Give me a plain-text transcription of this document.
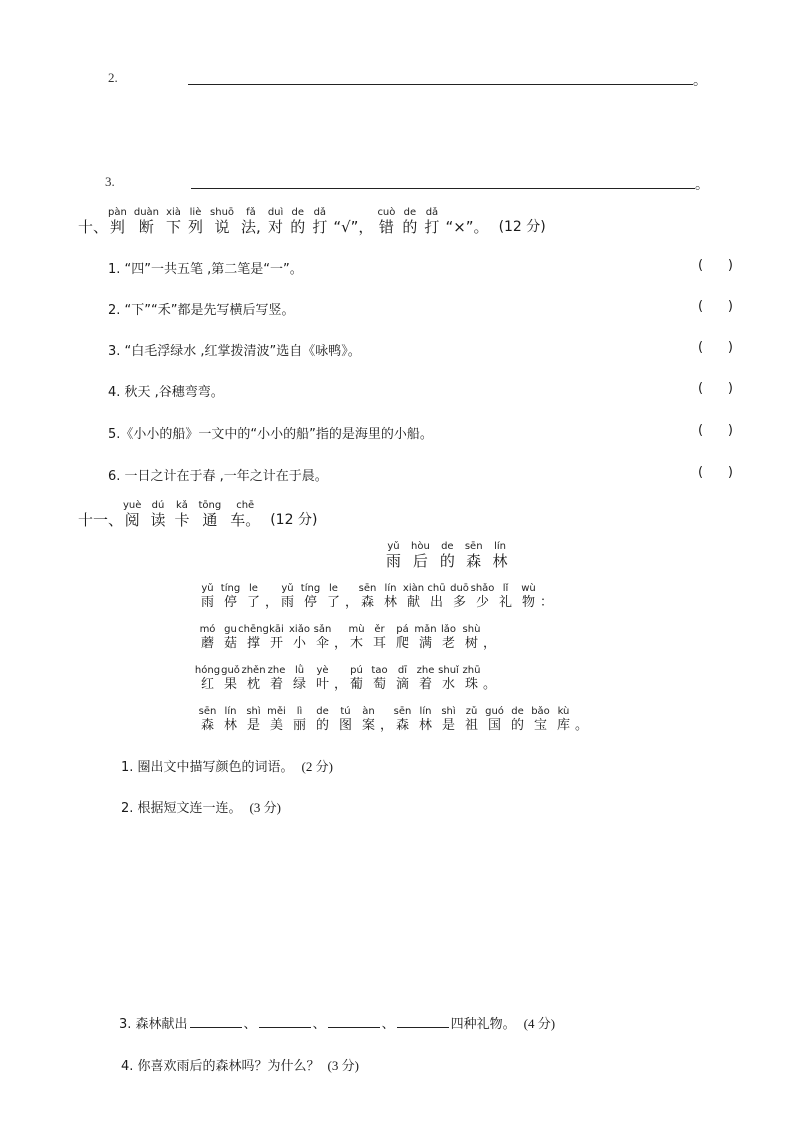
2.	。
3.	。
十、
pàn
判
duàn
断
xià
下
liè
列
shuō
说
fǎ
法,
duì
对
de
的
dǎ
打 “√”，
cuò
错
de
的
dǎ
打 “×”。 (12 分)
1. “四”一共五笔 ,第二笔是“一”。	(      )
2. “下”“禾”都是先写横后写竖。	(      )
3. “白毛浮绿水 ,红掌拨清波”选自《咏鸭》。	(      )
4. 秋天 ,谷穗弯弯。	(      )
5.《小小的船》一文中的“小小的船”指的是海里的小船。	(      )
6. 一日之计在于春 ,一年之计在于晨。	(      )
十一、
yuè
阅
dú
读
kǎ
卡
tōng
通
chē
车。 (12 分)
yǔ
雨
hòu
后
de
的
sēn
森
lín
林
yǔ
雨
tíng
停
le
了 ，
yǔ
雨
tíng
停
le
了 ，
sēn
森
lín
林
xiàn
献
chū
出
duō
多
shǎo
少
lǐ
礼
wù
物 ：
mó
蘑
gu
菇
chēng
撑
kāi
开
xiǎo
小
sǎn
伞 ，
mù
木
ěr
耳
pá
爬
mǎn
满
lǎo
老
shù
树 ，
hóng
红
guǒ
果
zhěn
枕
zhe
着
lǜ
绿
yè
叶 ，
pú
葡
tao
萄
dī
滴
zhe
着
shuǐ
水
zhū
珠 。
sēn
森
lín
林
shì
是
měi
美
lì
丽
de
的
tú
图
àn
案 ，
sēn
森
lín
林
shì
是
zǔ
祖
guó
国
de
的
bǎo
宝
kù
库 。
1. 圈出文中描写颜色的词语。 (2 分)
2. 根据短文连一连。 (3 分)
3. 森林献出	、	、	、	四种礼物。 (4 分)
4. 你喜欢雨后的森林吗？为什么？ (3 分)
